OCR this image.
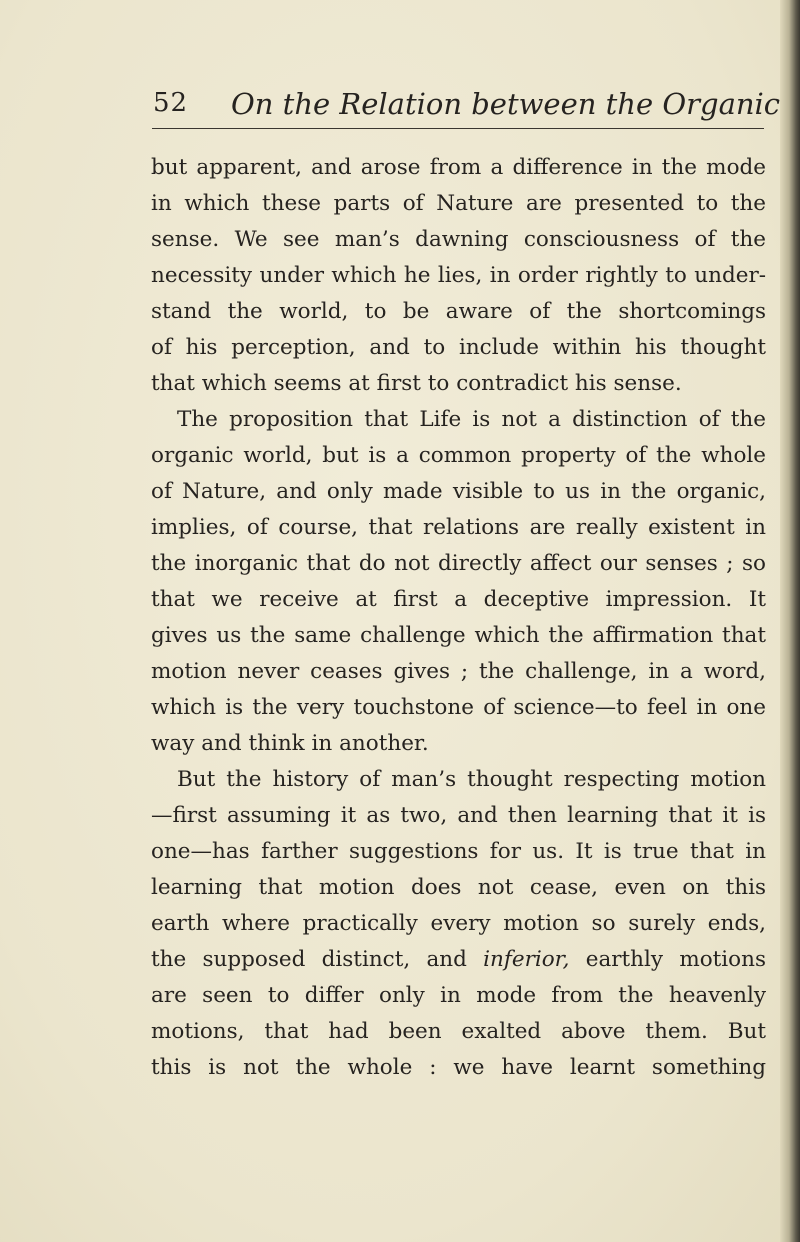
52 On the Relation between the Organic
but apparent, and arose from a difference in the mode
in which these parts of Nature are presented to the
sense. We see man’s dawning consciousness of the
necessity under which he lies, in order rightly to under-
stand the world, to be aware of the shortcomings
of his perception, and to include within his thought
that which seems at first to contradict his sense.
The proposition that Life is not a distinction of the
organic world, but is a common property of the whole
of Nature, and only made visible to us in the organic,
implies, of course, that relations are really existent in
the inorganic that do not directly affect our senses ; so
that we receive at first a deceptive impression. It
gives us the same challenge which the affirmation that
motion never ceases gives ; the challenge, in a word,
which is the very touchstone of science—to feel in one
way and think in another.
But the history of man’s thought respecting motion
—first assuming it as two, and then learning that it is
one—has farther suggestions for us. It is true that in
learning that motion does not cease, even on this
earth where practically every motion so surely ends,
the supposed distinct, and inferior, earthly motions
are seen to differ only in mode from the heavenly
motions, that had been exalted above them. But
this is not the whole : we have learnt something
